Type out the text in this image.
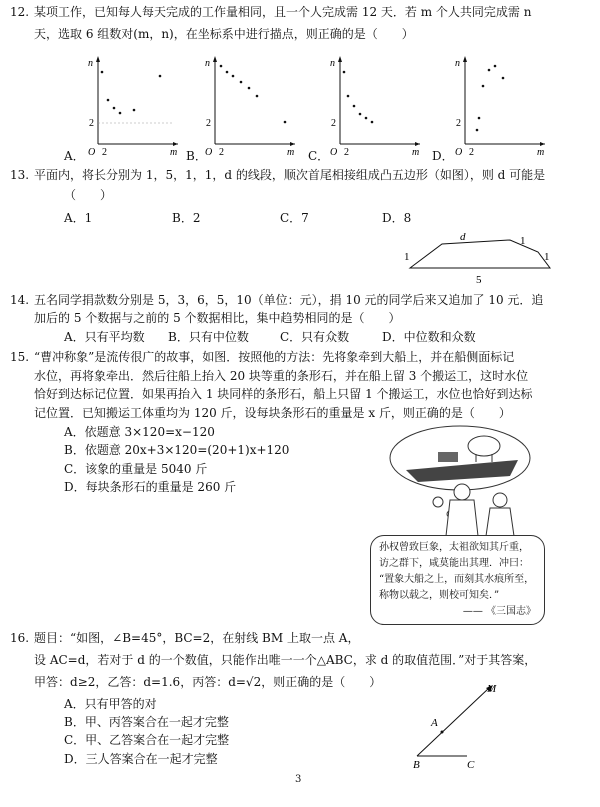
12. 某项工作，已知每人每天完成的工作量相同，且一个人完成需 12 天．若 m 个人共同完成需 n
天，选取 6 组数对(m，n)，在坐标系中进行描点，则正确的是（　　）
n
m
O 2
2
A．
n
m
O 2
2
B．
n
m
O 2
2
C．
n
m
O 2
2
D．
13. 平面内，将长分别为 1，5，1，1，d 的线段，顺次首尾相接组成凸五边形（如图），则 d 可能是
（　　）
A．1	B．2	C．7	D．8
d	1
1	1
5
14. 五名同学捐款数分别是 5，3，6，5，10（单位：元），捐 10 元的同学后来又追加了 10 元．追
加后的 5 个数据与之前的 5 个数据相比，集中趋势相同的是（　　）
A．只有平均数 B．只有中位数	C．只有众数	D．中位数和众数
15. “曹冲称象”是流传很广的故事，如图．按照他的方法：先将象牵到大船上，并在船侧面标记
水位，再将象牵出．然后往船上抬入 20 块等重的条形石，并在船上留 3 个搬运工，这时水位
恰好到达标记位置．如果再抬入 1 块同样的条形石，船上只留 1 个搬运工，水位也恰好到达标
记位置．已知搬运工体重均为 120 斤，设每块条形石的重量是 x 斤，则正确的是（　　）
A．依题意 3×120=x−120
B．依题意 20x+3×120=(20+1)x+120
C．该象的重量是 5040 斤
D．每块条形石的重量是 260 斤
孙权曾致巨象，太祖欲知其斤重，
访之群下，咸莫能出其理．冲曰：
“置象大船之上，而刻其水痕所至，
称物以载之，则校可知矣．”
—— 《三国志》
16. 题目：“如图，∠B=45°，BC=2，在射线 BM 上取一点 A，
设 AC=d，若对于 d 的一个数值，只能作出唯一一个△ABC，求 d 的取值范围．”对于其答案，
甲答：d≥2，乙答：d=1.6，丙答：d=√2，则正确的是（　　）
A．只有甲答的对
B．甲、丙答案合在一起才完整
C．甲、乙答案合在一起才完整
D．三人答案合在一起才完整
M
A
B	C
3
